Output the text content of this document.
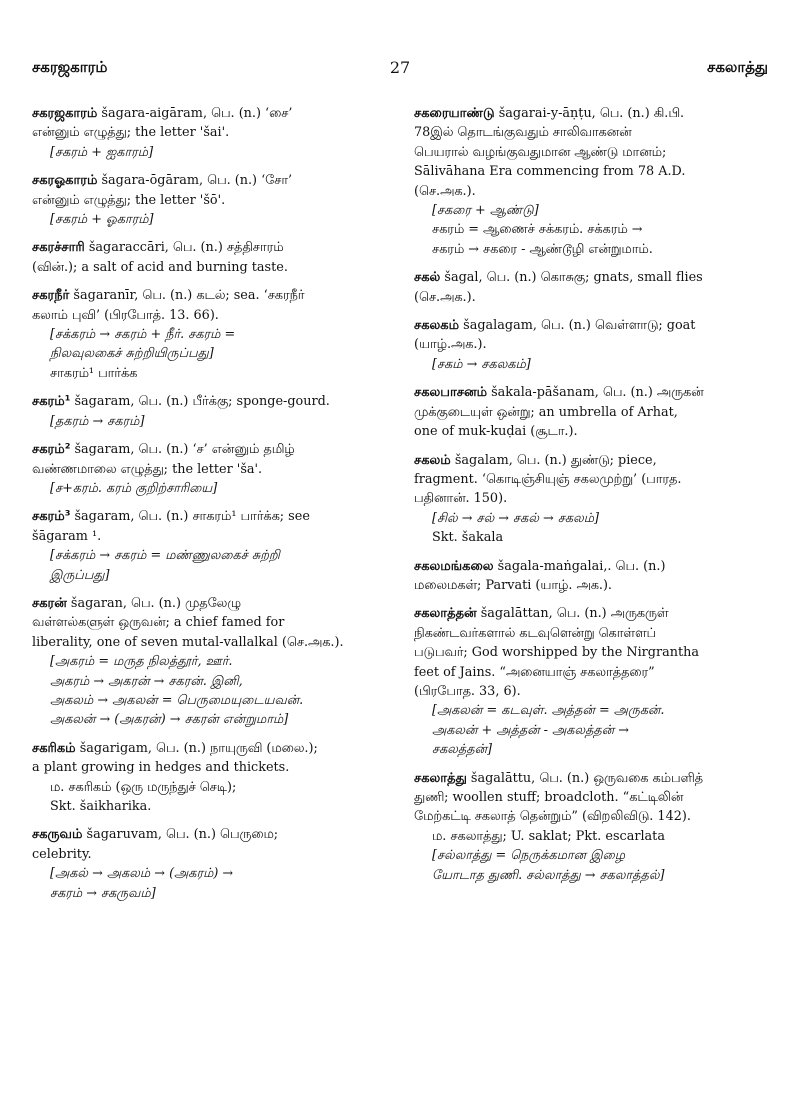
சகரஜகாரம்	27	சகலாத்து
சகரஜகாரம் šagara-aigāram, பெ. (n.) ‘சை’
என்னும் எழுத்து; the letter 'šai'.
[சகரம் + ஐகாரம்]
சகரஓகாரம் šagara-ōgāram, பெ. (n.) ‘சோ’
என்னும் எழுத்து; the letter 'šō'.
[சகரம் + ஓகாரம்]
சகரச்சாரி šagaraccāri, பெ. (n.) சத்திசாரம்
(வின்.); a salt of acid and burning taste.
சகரநீர் šagaranīr, பெ. (n.) கடல்; sea. ‘சகரநீர்
கலாம் புவி’ (பிரபோத். 13. 66).
[சக்கரம் → சகரம் + நீர். சகரம் =
நிலவுலகைச் சுற்றியிருப்பது]
சாகரம்¹ பார்க்க
சகரம்¹ šagaram, பெ. (n.) பீர்க்கு; sponge-gourd.
[தகரம் → சகரம்]
சகரம்² šagaram, பெ. (n.) ‘ச’ என்னும் தமிழ்
வண்ணமாலை எழுத்து; the letter 'ša'.
[ச+கரம். கரம் குறிற்சாரியை]
சகரம்³ šagaram, பெ. (n.) சாகரம்¹ பார்க்க; see
šāgaram ¹.
[சக்கரம் → சகரம் = மண்ணுலகைச் சுற்றி
இருப்பது]
சகரன் šagaran, பெ. (n.) முதலேழு
வள்ளல்களுள் ஒருவன்; a chief famed for
liberality, one of seven mutal-vallalkal (செ.அக.).
[அகரம் = மருத நிலத்தூர், ஊர்.
அகரம் → அகரன் → சகரன். இனி,
அகலம் → அகலன் = பெருமையுடையவன்.
அகலன் → (அகரன்) → சகரன் என்றுமாம்]
சகரிகம் šagarigam, பெ. (n.) நாயுருவி (மலை.);
a plant growing in hedges and thickets.
ம. சகரிகம் (ஒரு மருந்துச் செடி);
Skt. šaikharika.
சகருவம் šagaruvam, பெ. (n.) பெருமை;
celebrity.
[அகல் → அகலம் → (அகரம்) →
சகரம் → சகருவம்]
சகரையாண்டு šagarai-y-āṇṭu, பெ. (n.) கி.பி.
78இல் தொடங்குவதும் சாலிவாகனன்
பெயரால் வழங்குவதுமான ஆண்டு மானம்;
Sālivāhana Era commencing from 78 A.D.
(செ.அக.).
[சகரை + ஆண்டு]
சகரம் = ஆணைச் சக்கரம். சக்கரம் →
சகரம் → சகரை - ஆண்டூழி என்றுமாம்.
சகல் šagal, பெ. (n.) கொசுகு; gnats, small flies
(செ.அக.).
சகலகம் šagalagam, பெ. (n.) வெள்ளாடு; goat
(யாழ்.அக.).
[சகம் → சகலகம்]
சகலபாசனம் šakala-pāšanam, பெ. (n.) அருகன்
முக்குடையுள் ஒன்று; an umbrella of Arhat,
one of muk-kuḍai (சூடா.).
சகலம் šagalam, பெ. (n.) துண்டு; piece,
fragment. ‘கொடிஞ்சியுஞ் சகலமுற்று’ (பாரத.
பதினான். 150).
[சில் → சல் → சகல் → சகலம்]
Skt. šakala
சகலமங்கலை šagala-maṅgalai,. பெ. (n.)
மலைமகள்; Parvati (யாழ். அக.).
சகலாத்தன் šagalāttan, பெ. (n.) அருகருள்
நிகண்டவர்களால் கடவுளென்று கொள்ளப்
படுபவர்; God worshipped by the Nirgrantha
feet of Jains. “அனையாஞ் சகலாத்தரை”
(பிரபோத. 33, 6).
[அகலன் = கடவுள். அத்தன் = அருகன்.
அகலன் + அத்தன் - அகலத்தன் →
சகலத்தன்]
சகலாத்து šagalāttu, பெ. (n.) ஒருவகை கம்பளித்
துணி; woollen stuff; broadcloth. “கட்டிலின்
மேற்கட்டி சகலாத் தென்றும்” (விறலிவிடு. 142).
ம. சகலாத்து; U. saklat; Pkt. escarlata
[சல்லாத்து = நெருக்கமான இழை
யோடாத துணி. சல்லாத்து → சகலாத்தல்]
